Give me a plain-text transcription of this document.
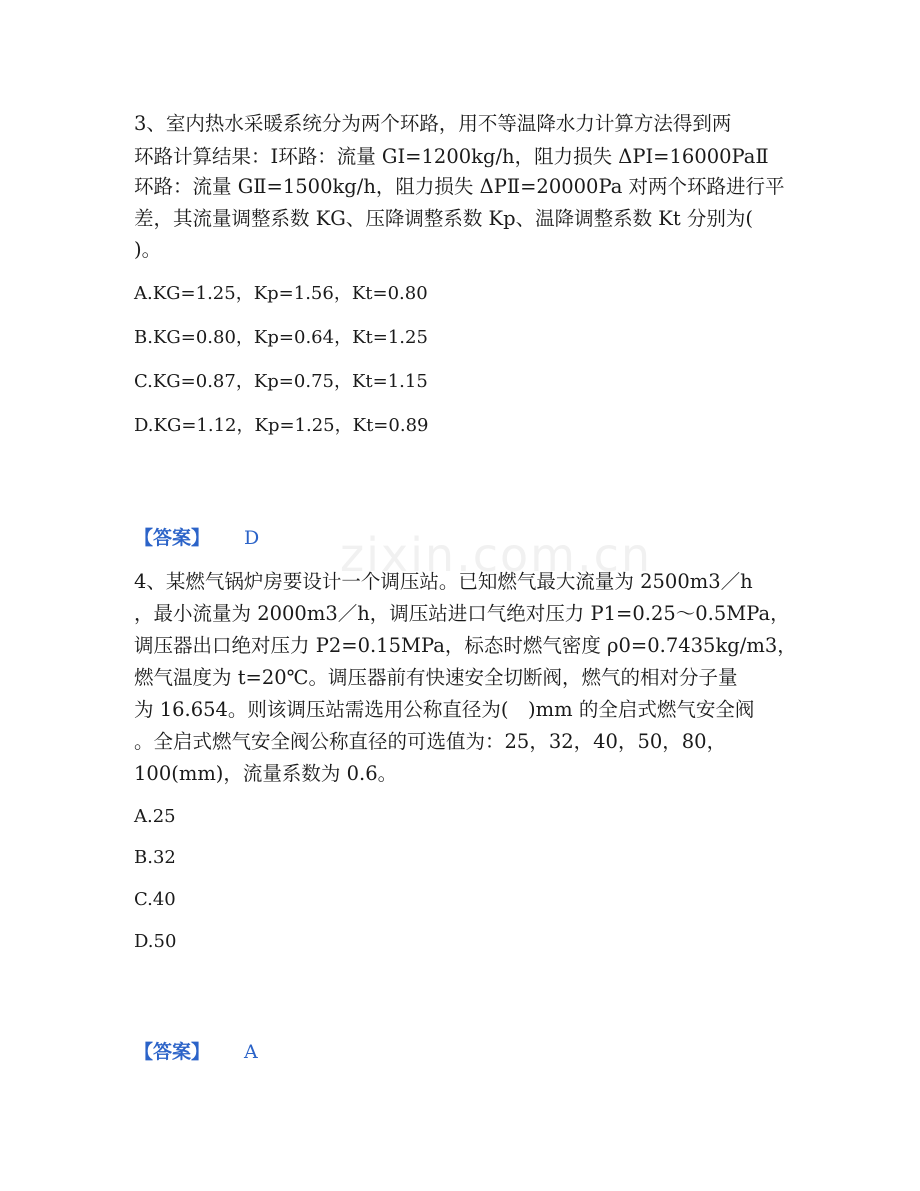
zixin.com.cn
3、室内热水采暖系统分为两个环路，用不等温降水力计算方法得到两
环路计算结果：Ⅰ环路：流量 GI=1200kg/h，阻力损失 ΔPI=16000PaⅡ
环路：流量 GⅡ=1500kg/h，阻力损失 ΔPⅡ=20000Pa 对两个环路进行平
差，其流量调整系数 KG、压降调整系数 Kp、温降调整系数 Kt 分别为(
)。
A.KG=1.25，Kp=1.56，Kt=0.80
B.KG=0.80，Kp=0.64，Kt=1.25
C.KG=0.87，Kp=0.75，Kt=1.15
D.KG=1.12，Kp=1.25，Kt=0.89
【答案】 D
4、某燃气锅炉房要设计一个调压站。已知燃气最大流量为 2500m3／h
，最小流量为 2000m3／h，调压站进口气绝对压力 P1=0.25～0.5MPa，
调压器出口绝对压力 P2=0.15MPa，标态时燃气密度 ρ0=0.7435kg/m3，
燃气温度为 t=20℃。调压器前有快速安全切断阀，燃气的相对分子量
为 16.654。则该调压站需选用公称直径为(　)mm 的全启式燃气安全阀
。全启式燃气安全阀公称直径的可选值为：25，32，40，50，80，
100(mm)，流量系数为 0.6。
A.25
B.32
C.40
D.50
【答案】 A
